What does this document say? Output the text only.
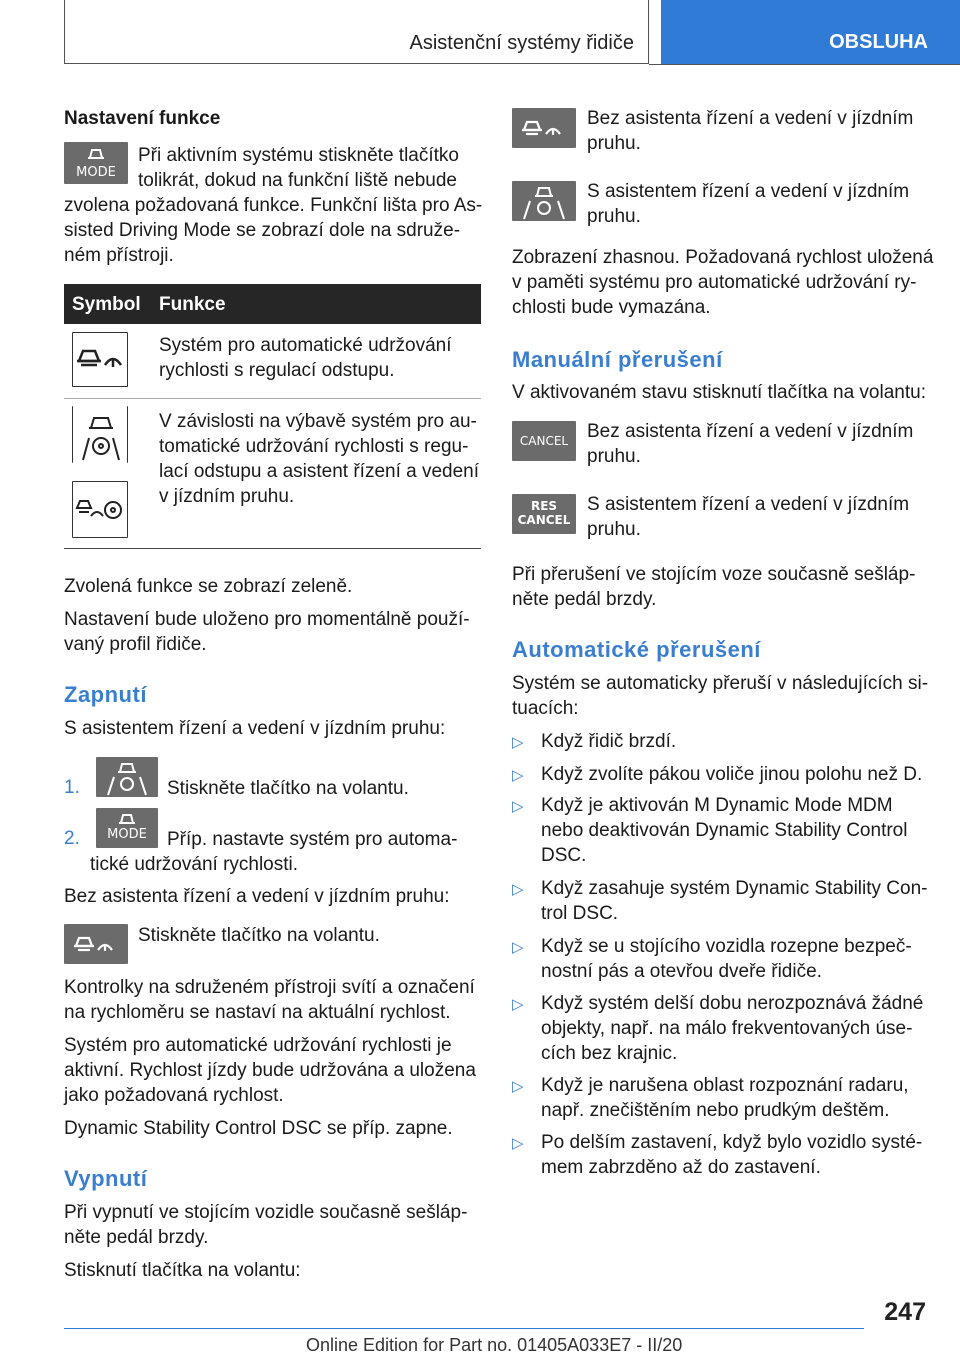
Asistenční systémy řidiče	OBSLUHA
Nastavení funkce
MODE
Při aktivním systému stiskněte tlačítko
tolikrát, dokud na funkční liště nebude
zvolena požadovaná funkce. Funkční lišta pro As-
sisted Driving Mode se zobrazí dole na sdruže-
ném přístroji.
Symbol Funkce
Systém pro automatické udržování
rychlosti s regulací odstupu.
V závislosti na výbavě systém pro au-
tomatické udržování rychlosti s regu-
lací odstupu a asistent řízení a vedení
v jízdním pruhu.
Zvolená funkce se zobrazí zeleně.
Nastavení bude uloženo pro momentálně použí-
vaný profil řidiče.
Zapnutí
S asistentem řízení a vedení v jízdním pruhu:
1.	Stiskněte tlačítko na volantu.
2.	MODE	Příp. nastavte systém pro automa-
tické udržování rychlosti.
Bez asistenta řízení a vedení v jízdním pruhu:
Stiskněte tlačítko na volantu.
Kontrolky na sdruženém přístroji svítí a označení
na rychloměru se nastaví na aktuální rychlost.
Systém pro automatické udržování rychlosti je
aktivní. Rychlost jízdy bude udržována a uložena
jako požadovaná rychlost.
Dynamic Stability Control DSC se příp. zapne.
Vypnutí
Při vypnutí ve stojícím vozidle současně sešláp-
něte pedál brzdy.
Stisknutí tlačítka na volantu:
Bez asistenta řízení a vedení v jízdním
pruhu.
S asistentem řízení a vedení v jízdním
pruhu.
Zobrazení zhasnou. Požadovaná rychlost uložená
v paměti systému pro automatické udržování ry-
chlosti bude vymazána.
Manuální přerušení
V aktivovaném stavu stisknutí tlačítka na volantu:
CANCEL Bez asistenta řízení a vedení v jízdním
pruhu.
RES
CANCEL
S asistentem řízení a vedení v jízdním
pruhu.
Při přerušení ve stojícím voze současně sešláp-
něte pedál brzdy.
Automatické přerušení
Systém se automaticky přeruší v následujících si-
tuacích:
▷ Když řidič brzdí.
▷ Když zvolíte pákou voliče jinou polohu než D.
▷ Když je aktivován M Dynamic Mode MDM
nebo deaktivován Dynamic Stability Control
DSC.
▷ Když zasahuje systém Dynamic Stability Con-
trol DSC.
▷ Když se u stojícího vozidla rozepne bezpeč-
nostní pás a otevřou dveře řidiče.
▷ Když systém delší dobu nerozpoznává žádné
objekty, např. na málo frekventovaných úse-
cích bez krajnic.
▷ Když je narušena oblast rozpoznání radaru,
např. znečištěním nebo prudkým deštěm.
▷ Po delším zastavení, když bylo vozidlo systé-
mem zabrzděno až do zastavení.
247
Online Edition for Part no. 01405A033E7 - II/20
